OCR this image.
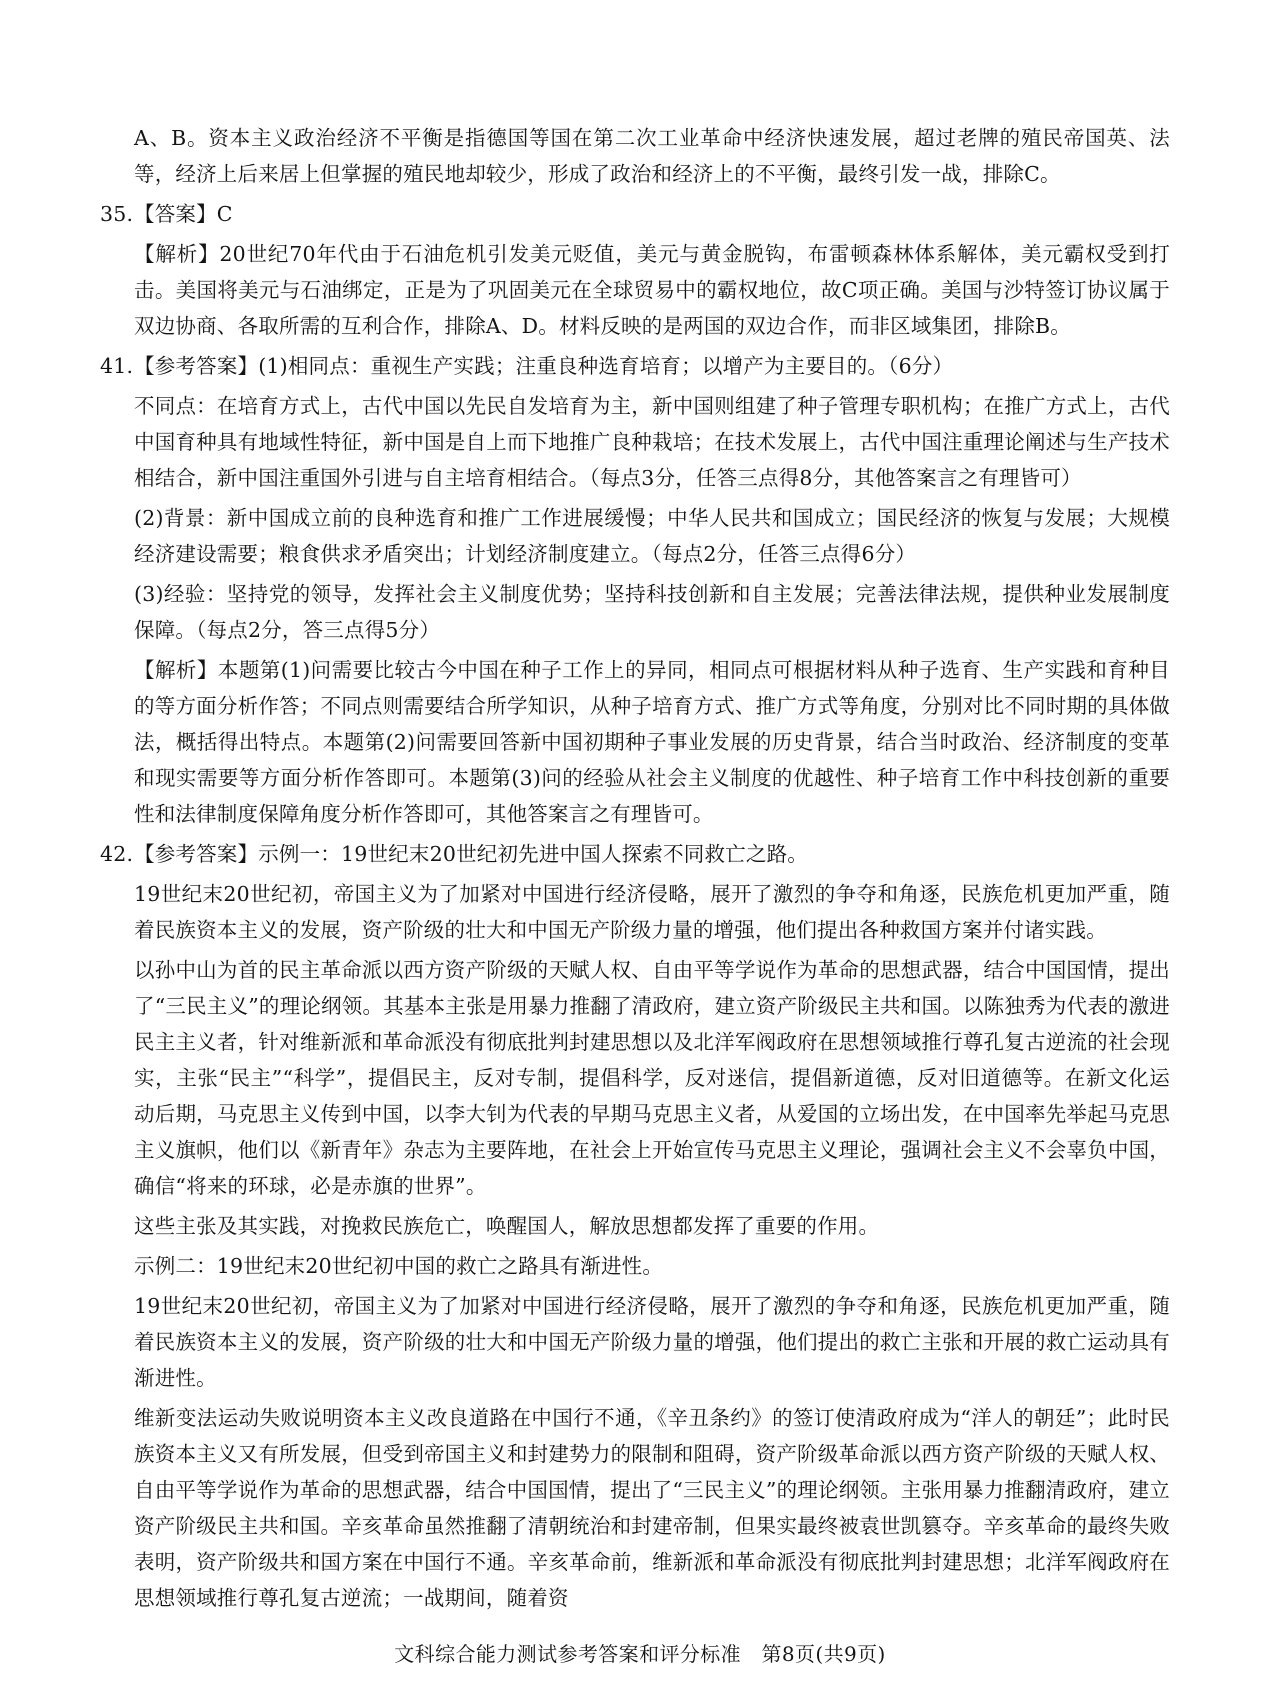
A、B。资本主义政治经济不平衡是指德国等国在第二次工业革命中经济快速发展，超过老牌的殖民帝国英、法等，经济上后来居上但掌握的殖民地却较少，形成了政治和经济上的不平衡，最终引发一战，排除C。

35. 【答案】C

【解析】20世纪70年代由于石油危机引发美元贬值，美元与黄金脱钩，布雷顿森林体系解体，美元霸权受到打击。美国将美元与石油绑定，正是为了巩固美元在全球贸易中的霸权地位，故C项正确。美国与沙特签订协议属于双边协商、各取所需的互利合作，排除A、D。材料反映的是两国的双边合作，而非区域集团，排除B。

41. 【参考答案】(1)相同点：重视生产实践；注重良种选育培育；以增产为主要目的。（6分）

不同点：在培育方式上，古代中国以先民自发培育为主，新中国则组建了种子管理专职机构；在推广方式上，古代中国育种具有地域性特征，新中国是自上而下地推广良种栽培；在技术发展上，古代中国注重理论阐述与生产技术相结合，新中国注重国外引进与自主培育相结合。（每点3分，任答三点得8分，其他答案言之有理皆可）

(2)背景：新中国成立前的良种选育和推广工作进展缓慢；中华人民共和国成立；国民经济的恢复与发展；大规模经济建设需要；粮食供求矛盾突出；计划经济制度建立。（每点2分，任答三点得6分）

(3)经验：坚持党的领导，发挥社会主义制度优势；坚持科技创新和自主发展；完善法律法规，提供种业发展制度保障。（每点2分，答三点得5分）

【解析】本题第(1)问需要比较古今中国在种子工作上的异同，相同点可根据材料从种子选育、生产实践和育种目的等方面分析作答；不同点则需要结合所学知识，从种子培育方式、推广方式等角度，分别对比不同时期的具体做法，概括得出特点。本题第(2)问需要回答新中国初期种子事业发展的历史背景，结合当时政治、经济制度的变革和现实需要等方面分析作答即可。本题第(3)问的经验从社会主义制度的优越性、种子培育工作中科技创新的重要性和法律制度保障角度分析作答即可，其他答案言之有理皆可。

42. 【参考答案】示例一：19世纪末20世纪初先进中国人探索不同救亡之路。

19世纪末20世纪初，帝国主义为了加紧对中国进行经济侵略，展开了激烈的争夺和角逐，民族危机更加严重，随着民族资本主义的发展，资产阶级的壮大和中国无产阶级力量的增强，他们提出各种救国方案并付诸实践。

以孙中山为首的民主革命派以西方资产阶级的天赋人权、自由平等学说作为革命的思想武器，结合中国国情，提出了“三民主义”的理论纲领。其基本主张是用暴力推翻了清政府，建立资产阶级民主共和国。以陈独秀为代表的激进民主主义者，针对维新派和革命派没有彻底批判封建思想以及北洋军阀政府在思想领域推行尊孔复古逆流的社会现实，主张“民主”“科学”，提倡民主，反对专制，提倡科学，反对迷信，提倡新道德，反对旧道德等。在新文化运动后期，马克思主义传到中国，以李大钊为代表的早期马克思主义者，从爱国的立场出发，在中国率先举起马克思主义旗帜，他们以《新青年》杂志为主要阵地，在社会上开始宣传马克思主义理论，强调社会主义不会辜负中国，确信“将来的环球，必是赤旗的世界”。

这些主张及其实践，对挽救民族危亡，唤醒国人，解放思想都发挥了重要的作用。

示例二：19世纪末20世纪初中国的救亡之路具有渐进性。

19世纪末20世纪初，帝国主义为了加紧对中国进行经济侵略，展开了激烈的争夺和角逐，民族危机更加严重，随着民族资本主义的发展，资产阶级的壮大和中国无产阶级力量的增强，他们提出的救亡主张和开展的救亡运动具有渐进性。

维新变法运动失败说明资本主义改良道路在中国行不通，《辛丑条约》的签订使清政府成为“洋人的朝廷”；此时民族资本主义又有所发展，但受到帝国主义和封建势力的限制和阻碍，资产阶级革命派以西方资产阶级的天赋人权、自由平等学说作为革命的思想武器，结合中国国情，提出了“三民主义”的理论纲领。主张用暴力推翻清政府，建立资产阶级民主共和国。辛亥革命虽然推翻了清朝统治和封建帝制，但果实最终被袁世凯篡夺。辛亥革命的最终失败表明，资产阶级共和国方案在中国行不通。辛亥革命前，维新派和革命派没有彻底批判封建思想；北洋军阀政府在思想领域推行尊孔复古逆流；一战期间，随着资

文科综合能力测试参考答案和评分标准　第8页(共9页)
